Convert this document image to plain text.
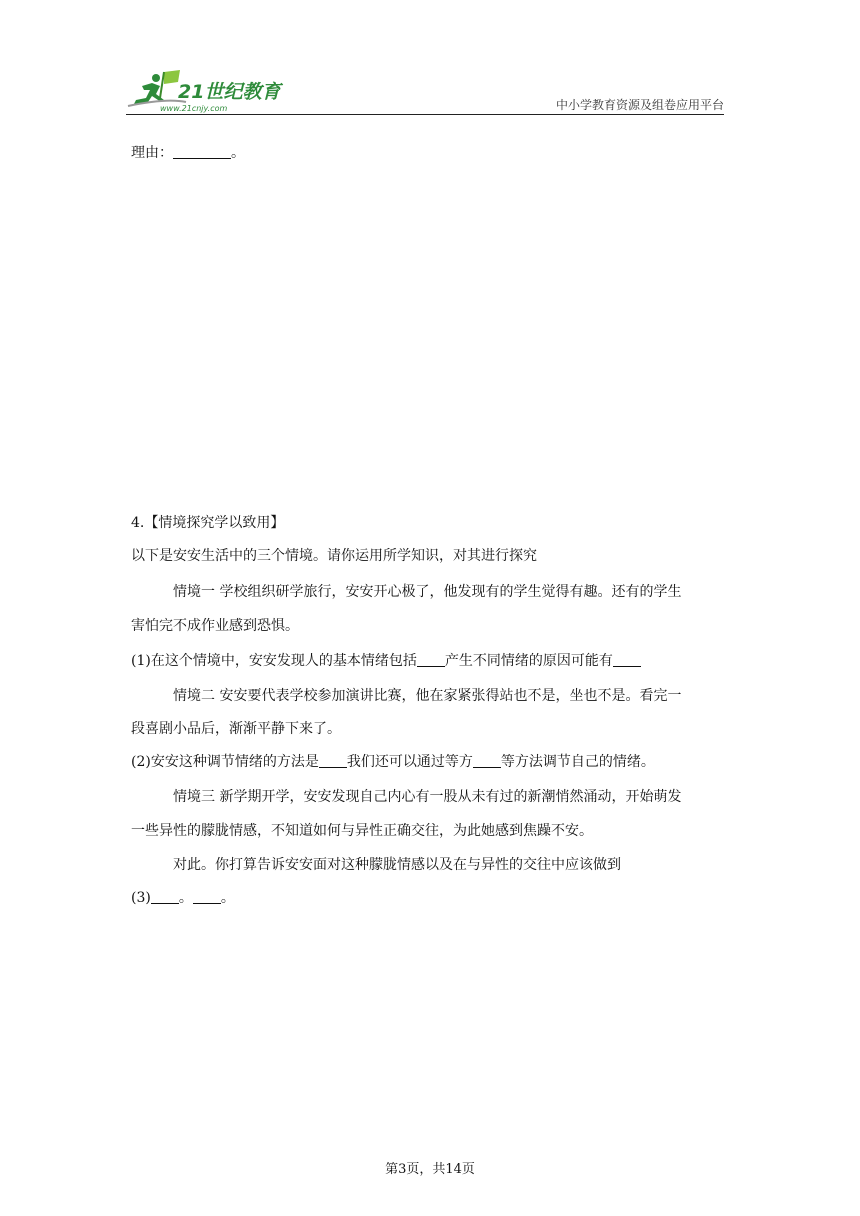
21世纪教育
www.21cnjy.com	中小学教育资源及组卷应用平台
理由：	。
4.【情境探究学以致用】
以下是安安生活中的三个情境。请你运用所学知识，对其进行探究
情境一 学校组织研学旅行，安安开心极了，他发现有的学生觉得有趣。还有的学生
害怕完不成作业感到恐惧。
(1)在这个情境中，安安发现人的基本情绪包括 产生不同情绪的原因可能有
情境二 安安要代表学校参加演讲比赛，他在家紧张得站也不是，坐也不是。看完一
段喜剧小品后，渐渐平静下来了。
(2)安安这种调节情绪的方法是 我们还可以通过等方 等方法调节自己的情绪。
情境三 新学期开学，安安发现自己内心有一股从未有过的新潮悄然涌动，开始萌发
一些异性的朦胧情感，不知道如何与异性正确交往，为此她感到焦躁不安。
对此。你打算告诉安安面对这种朦胧情感以及在与异性的交往中应该做到
(3) 。 。
第3页，共14页
